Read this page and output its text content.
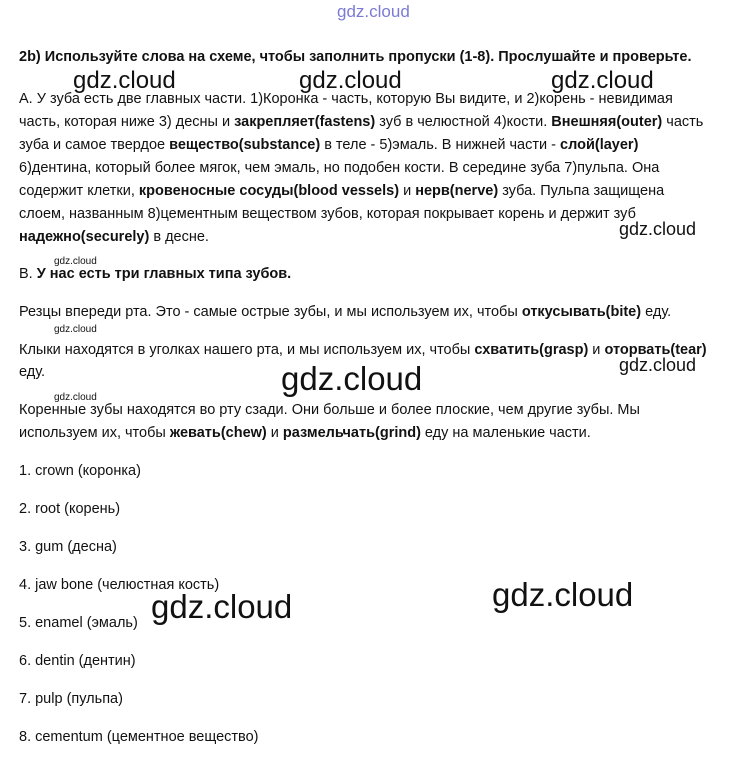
gdz.cloud
2b) Используйте слова на схеме, чтобы заполнить пропуски (1-8). Прослушайте и проверьте.
gdz.cloud	gdz.cloud	gdz.cloud
A. У зуба есть две главных части. 1)Коронка - часть, которую Вы видите, и 2)корень - невидимая
часть, которая ниже 3) десны и закрепляет(fastens) зуб в челюстной 4)кости. Внешняя(outer) часть
зуба и самое твердое вещество(substance) в теле - 5)эмаль. В нижней части - слой(layer)
6)дентина, который более мягок, чем эмаль, но подобен кости. В середине зуба 7)пульпа. Она
содержит клетки, кровеносные сосуды(blood vessels) и нерв(nerve) зуба. Пульпа защищена
слоем, названным 8)цементным веществом зубов, которая покрывает корень и держит зуб
надежно(securely) в десне.	gdz.cloud
gdz.cloud
B. У нас есть три главных типа зубов.
Резцы впереди рта. Это - самые острые зубы, и мы используем их, чтобы откусывать(bite) еду.
Клыки находятся в уголках нашего рта, и мы используем их, чтобы схватить(grasp) и оторвать(tear)
еду.
Коренные зубы находятся во рту сзади. Они больше и более плоские, чем другие зубы. Мы
используем их, чтобы жевать(chew) и размельчать(grind) еду на маленькие части.
gdz.cloud
gdz.cloud
gdz.cloud
gdz.cloud
1. crown (коронка)
2. root (корень)
3. gum (десна)
4. jaw bone (челюстная кость)
5. enamel (эмаль)
6. dentin (дентин)
7. pulp (пульпа)
8. cementum (цементное вещество)
gdz.cloud	gdz.cloud
